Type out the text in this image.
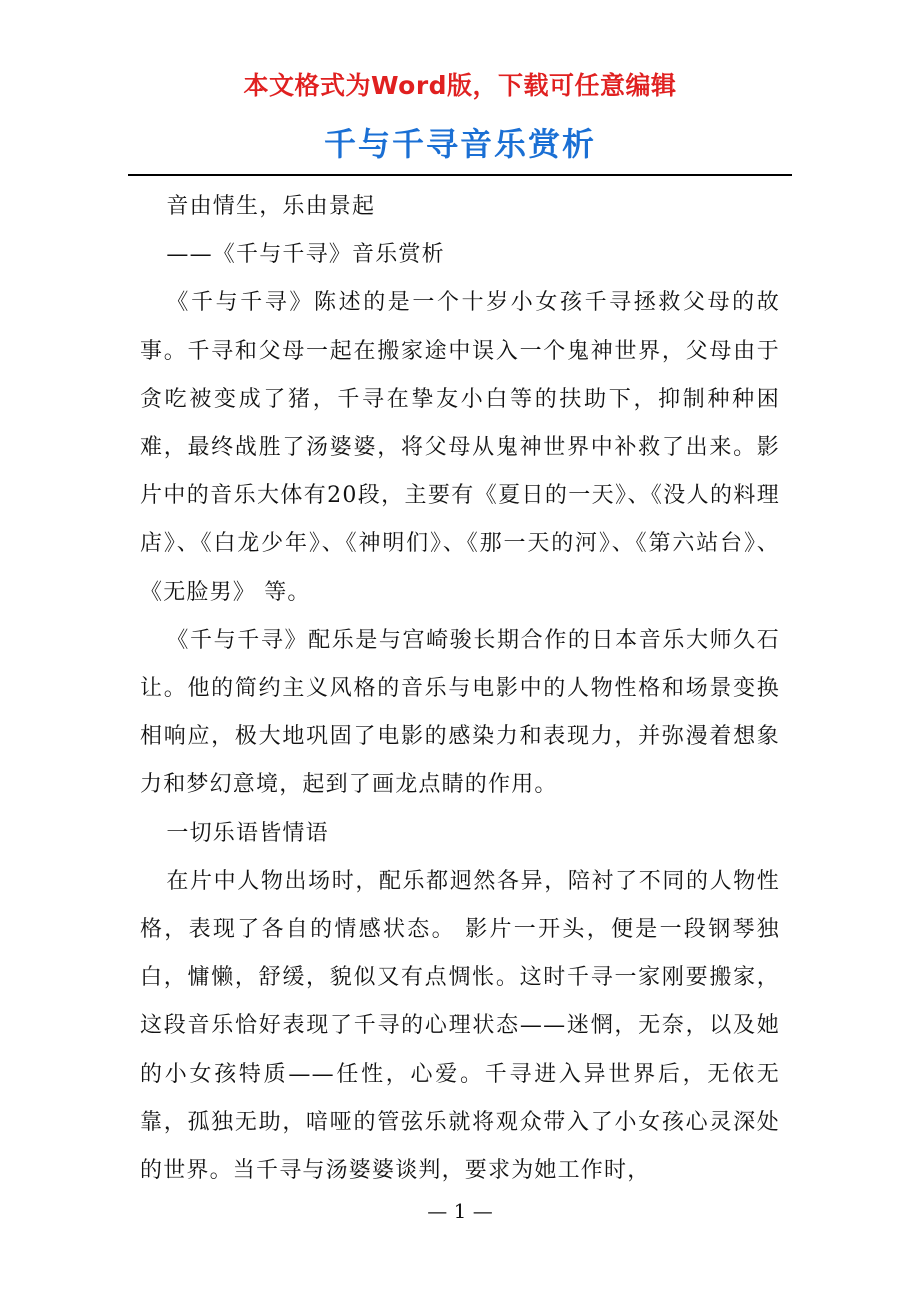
本文格式为Word版，下载可任意编辑
千与千寻音乐赏析

音由情生，乐由景起

——《千与千寻》音乐赏析

《千与千寻》陈述的是一个十岁小女孩千寻拯救父母的故事。千寻和父母一起在搬家途中误入一个鬼神世界，父母由于贪吃被变成了猪，千寻在挚友小白等的扶助下，抑制种种困难，最终战胜了汤婆婆，将父母从鬼神世界中补救了出来。影片中的音乐大体有20段，主要有《夏日的一天》、《没人的料理店》、《白龙少年》、《神明们》、《那一天的河》、《第六站台》、《无脸男》 等。

《千与千寻》配乐是与宫崎骏长期合作的日本音乐大师久石让。他的简约主义风格的音乐与电影中的人物性格和场景变换相响应，极大地巩固了电影的感染力和表现力，并弥漫着想象力和梦幻意境，起到了画龙点睛的作用。

一切乐语皆情语

在片中人物出场时，配乐都迥然各异，陪衬了不同的人物性格，表现了各自的情感状态。 影片一开头，便是一段钢琴独白，慵懒，舒缓，貌似又有点惆怅。这时千寻一家刚要搬家，这段音乐恰好表现了千寻的心理状态——迷惘，无奈，以及她的小女孩特质——任性，心爱。千寻进入异世界后，无依无靠，孤独无助，喑哑的管弦乐就将观众带入了小女孩心灵深处的世界。当千寻与汤婆婆谈判，要求为她工作时，

— 1 —
